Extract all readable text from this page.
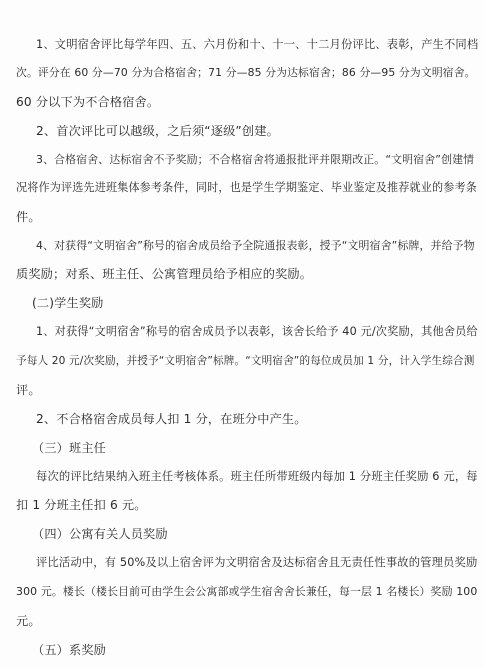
1、文明宿舍评比每学年四、五、六月份和十、十一、十二月份评比、表彰，产生不同档
次。评分在 60 分—70 分为合格宿舍；71 分—85 分为达标宿舍；86 分—95 分为文明宿舍。
60 分以下为不合格宿舍。
2、首次评比可以越级，之后须“逐级”创建。
3、合格宿舍、达标宿舍不予奖励；不合格宿舍将通报批评并限期改正。“文明宿舍”创建情
况将作为评选先进班集体参考条件，同时，也是学生学期鉴定、毕业鉴定及推荐就业的参考条
件。
4、对获得“文明宿舍”称号的宿舍成员给予全院通报表彰，授予“文明宿舍”标牌，并给予物
质奖励；对系、班主任、公寓管理员给予相应的奖励。
(二)学生奖励
1、对获得“文明宿舍”称号的宿舍成员予以表彰，该舍长给予 40 元/次奖励，其他舍员给
予每人 20 元/次奖励，并授予“文明宿舍”标牌。“文明宿舍”的每位成员加 1 分，计入学生综合测
评。
2、不合格宿舍成员每人扣 1 分，在班分中产生。
（三）班主任
每次的评比结果纳入班主任考核体系。班主任所带班级内每加 1 分班主任奖励 6 元，每
扣 1 分班主任扣 6 元。
（四）公寓有关人员奖励
评比活动中，有 50%及以上宿舍评为文明宿舍及达标宿舍且无责任性事故的管理员奖励
300 元。楼长（楼长目前可由学生会公寓部或学生宿舍舍长兼任，每一层 1 名楼长）奖励 100
元。
（五）系奖励
